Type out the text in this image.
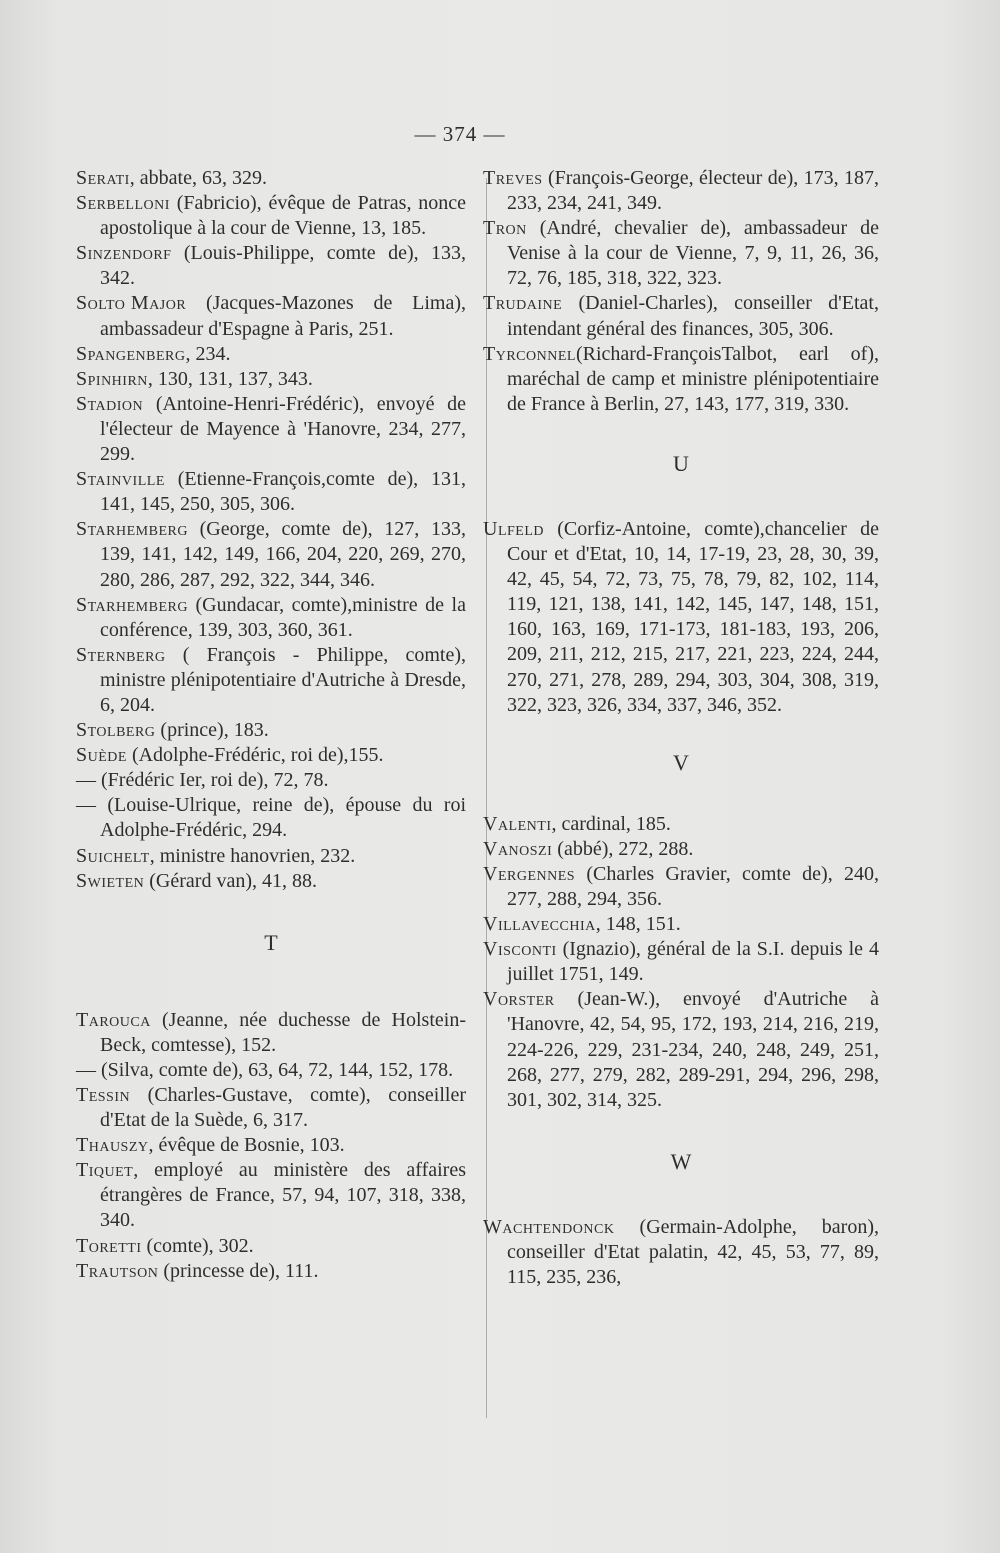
— 374 —
Serati, abbate, 63, 329.
Serbelloni (Fabricio), évêque de Patras, nonce apostolique à la cour de Vienne, 13, 185.
Sinzendorf (Louis-Philippe, comte de), 133, 342.
Solto Major (Jacques-Mazones de Lima), ambassadeur d'Espagne à Paris, 251.
Spangenberg, 234.
Spinhirn, 130, 131, 137, 343.
Stadion (Antoine-Henri-Frédéric), envoyé de l'électeur de Mayence à 'Hanovre, 234, 277, 299.
Stainville (Etienne-François,comte de), 131, 141, 145, 250, 305, 306.
Starhemberg (George, comte de), 127, 133, 139, 141, 142, 149, 166, 204, 220, 269, 270, 280, 286, 287, 292, 322, 344, 346.
Starhemberg (Gundacar, comte),ministre de la conférence, 139, 303, 360, 361.
Sternberg ( François - Philippe, comte), ministre plénipotentiaire d'Autriche à Dresde, 6, 204.
Stolberg (prince), 183.
Suède (Adolphe-Frédéric, roi de),155.
— (Frédéric Ier, roi de), 72, 78.
— (Louise-Ulrique, reine de), épouse du roi Adolphe-Frédéric, 294.
Suichelt, ministre hanovrien, 232.
Swieten (Gérard van), 41, 88.
T
Tarouca (Jeanne, née duchesse de Holstein-Beck, comtesse), 152.
— (Silva, comte de), 63, 64, 72, 144, 152, 178.
Tessin (Charles-Gustave, comte), conseiller d'Etat de la Suède, 6, 317.
Thauszy, évêque de Bosnie, 103.
Tiquet, employé au ministère des affaires étrangères de France, 57, 94, 107, 318, 338, 340.
Toretti (comte), 302.
Trautson (princesse de), 111.
Treves (François-George, électeur de), 173, 187, 233, 234, 241, 349.
Tron (André, chevalier de), ambassadeur de Venise à la cour de Vienne, 7, 9, 11, 26, 36, 72, 76, 185, 318, 322, 323.
Trudaine (Daniel-Charles), conseiller d'Etat, intendant général des finances, 305, 306.
Tyrconnel(Richard-FrançoisTalbot, earl of), maréchal de camp et ministre plénipotentiaire de France à Berlin, 27, 143, 177, 319, 330.
U
Ulfeld (Corfiz-Antoine, comte),chancelier de Cour et d'Etat, 10, 14, 17-19, 23, 28, 30, 39, 42, 45, 54, 72, 73, 75, 78, 79, 82, 102, 114, 119, 121, 138, 141, 142, 145, 147, 148, 151, 160, 163, 169, 171-173, 181-183, 193, 206, 209, 211, 212, 215, 217, 221, 223, 224, 244, 270, 271, 278, 289, 294, 303, 304, 308, 319, 322, 323, 326, 334, 337, 346, 352.
V
Valenti, cardinal, 185.
Vanoszi (abbé), 272, 288.
Vergennes (Charles Gravier, comte de), 240, 277, 288, 294, 356.
Villavecchia, 148, 151.
Visconti (Ignazio), général de la S.I. depuis le 4 juillet 1751, 149.
Vorster (Jean-W.), envoyé d'Autriche à 'Hanovre, 42, 54, 95, 172, 193, 214, 216, 219, 224-226, 229, 231-234, 240, 248, 249, 251, 268, 277, 279, 282, 289-291, 294, 296, 298, 301, 302, 314, 325.
W
Wachtendonck (Germain-Adolphe, baron), conseiller d'Etat palatin, 42, 45, 53, 77, 89, 115, 235, 236,
